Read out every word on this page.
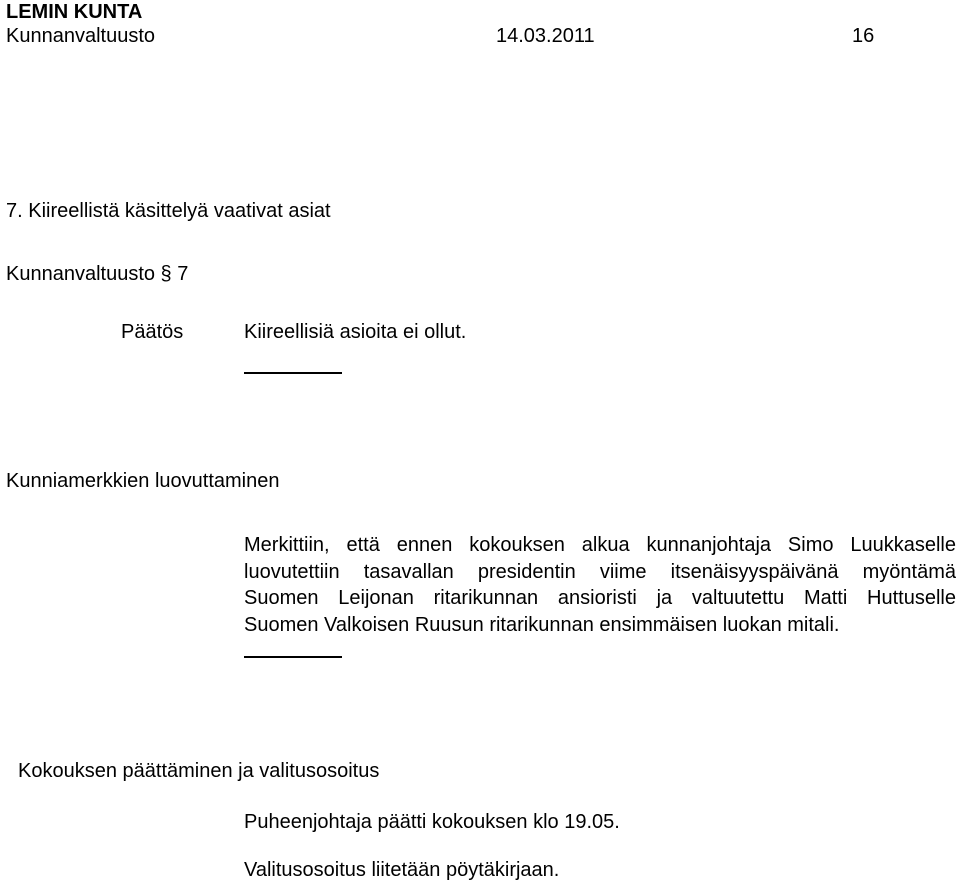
LEMIN KUNTA
Kunnanvaltuusto	14.03.2011	16
7. Kiireellistä käsittelyä vaativat asiat
Kunnanvaltuusto § 7
Päätös	Kiireellisiä asioita ei ollut.
Kunniamerkkien luovuttaminen
Merkittiin, että ennen kokouksen alkua kunnanjohtaja Simo Luukkaselle
luovutettiin tasavallan presidentin viime itsenäisyyspäivänä myöntämä
Suomen Leijonan ritarikunnan ansioristi ja valtuutettu Matti Huttuselle
Suomen Valkoisen Ruusun ritarikunnan ensimmäisen luokan mitali.
Kokouksen päättäminen ja valitusosoitus
Puheenjohtaja päätti kokouksen klo 19.05.
Valitusosoitus liitetään pöytäkirjaan.
